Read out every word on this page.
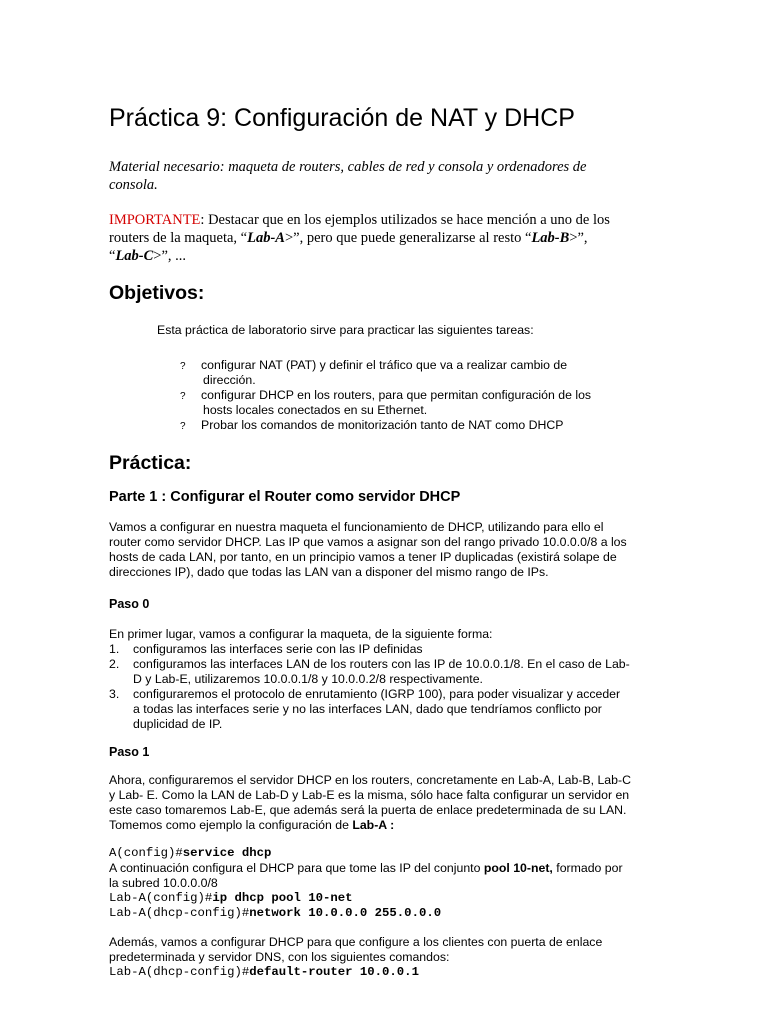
Práctica 9: Configuración de NAT y DHCP
Material necesario: maqueta de routers, cables de red y consola y ordenadores de
consola.
IMPORTANTE: Destacar que en los ejemplos utilizados se hace mención a uno de los
routers de la maqueta, “Lab-A>”, pero que puede generalizarse al resto “Lab-B>”,
“Lab-C>”, ...
Objetivos:
Esta práctica de laboratorio sirve para practicar las siguientes tareas:
? configurar NAT (PAT) y definir el tráfico que va a realizar cambio de
dirección.
? configurar DHCP en los routers, para que permitan configuración de los
hosts locales conectados en su Ethernet.
? Probar los comandos de monitorización tanto de NAT como DHCP
Práctica:
Parte 1 : Configurar el Router como servidor DHCP
Vamos a configurar en nuestra maqueta el funcionamiento de DHCP, utilizando para ello el
router como servidor DHCP. Las IP que vamos a asignar son del rango privado 10.0.0.0/8 a los
hosts de cada LAN, por tanto, en un principio vamos a tener IP duplicadas (existirá solape de
direcciones IP), dado que todas las LAN van a disponer del mismo rango de IPs.
Paso 0
En primer lugar, vamos a configurar la maqueta, de la siguiente forma:
1. configuramos las interfaces serie con las IP definidas
2. configuramos las interfaces LAN de los routers con las IP de 10.0.0.1/8. En el caso de Lab-
D y Lab-E, utilizaremos 10.0.0.1/8 y 10.0.0.2/8 respectivamente.
3. configuraremos el protocolo de enrutamiento (IGRP 100), para poder visualizar y acceder
a todas las interfaces serie y no las interfaces LAN, dado que tendríamos conflicto por
duplicidad de IP.
Paso 1
Ahora, configuraremos el servidor DHCP en los routers, concretamente en Lab-A, Lab-B, Lab-C
y Lab- E. Como la LAN de Lab-D y Lab-E es la misma, sólo hace falta configurar un servidor en
este caso tomaremos Lab-E, que además será la puerta de enlace predeterminada de su LAN.
Tomemos como ejemplo la configuración de Lab-A :
A(config)#service dhcp
A continuación configura el DHCP para que tome las IP del conjunto pool 10-net, formado por
la subred 10.0.0.0/8
Lab-A(config)#ip dhcp pool 10-net
Lab-A(dhcp-config)#network 10.0.0.0 255.0.0.0
Además, vamos a configurar DHCP para que configure a los clientes con puerta de enlace
predeterminada y servidor DNS, con los siguientes comandos:
Lab-A(dhcp-config)#default-router 10.0.0.1
